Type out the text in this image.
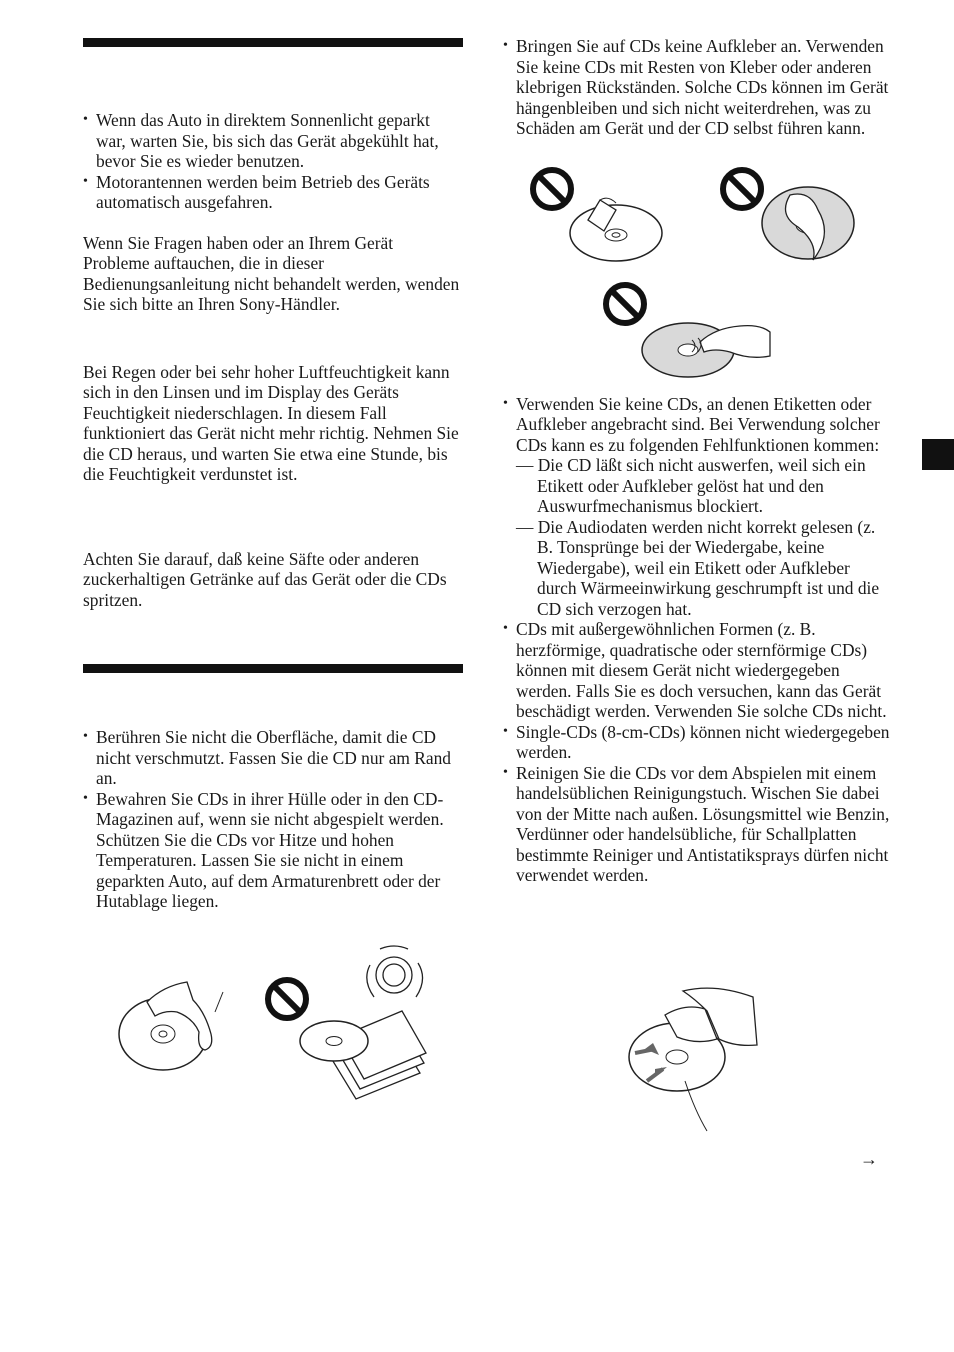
• Wenn das Auto in direktem Sonnenlicht geparkt war, warten Sie, bis sich das Gerät abgekühlt hat, bevor Sie es wieder benutzen.
• Motorantennen werden beim Betrieb des Geräts automatisch ausgefahren.

Wenn Sie Fragen haben oder an Ihrem Gerät Probleme auftauchen, die in dieser Bedienungsanleitung nicht behandelt werden, wenden Sie sich bitte an Ihren Sony-Händler.

Bei Regen oder bei sehr hoher Luftfeuchtigkeit kann sich in den Linsen und im Display des Geräts Feuchtigkeit niederschlagen. In diesem Fall funktioniert das Gerät nicht mehr richtig. Nehmen Sie die CD heraus, und warten Sie etwa eine Stunde, bis die Feuchtigkeit verdunstet ist.

Achten Sie darauf, daß keine Säfte oder anderen zuckerhaltigen Getränke auf das Gerät oder die CDs spritzen.

• Berühren Sie nicht die Oberfläche, damit die CD nicht verschmutzt. Fassen Sie die CD nur am Rand an.
• Bewahren Sie CDs in ihrer Hülle oder in den CD-Magazinen auf, wenn sie nicht abgespielt werden. Schützen Sie die CDs vor Hitze und hohen Temperaturen. Lassen Sie sie nicht in einem geparkten Auto, auf dem Armaturenbrett oder der Hutablage liegen.
• Bringen Sie auf CDs keine Aufkleber an. Verwenden Sie keine CDs mit Resten von Kleber oder anderen klebrigen Rückständen. Solche CDs können im Gerät hängenbleiben und sich nicht weiterdrehen, was zu Schäden am Gerät und der CD selbst führen kann.
• Verwenden Sie keine CDs, an denen Etiketten oder Aufkleber angebracht sind. Bei Verwendung solcher CDs kann es zu folgenden Fehlfunktionen kommen:
— Die CD läßt sich nicht auswerfen, weil sich ein Etikett oder Aufkleber gelöst hat und den Auswurfmechanismus blockiert.
— Die Audiodaten werden nicht korrekt gelesen (z. B. Tonsprünge bei der Wiedergabe, keine Wiedergabe), weil ein Etikett oder Aufkleber durch Wärmeeinwirkung geschrumpft ist und die CD sich verzogen hat.
• CDs mit außergewöhnlichen Formen (z. B. herzförmige, quadratische oder sternförmige CDs) können mit diesem Gerät nicht wiedergegeben werden. Falls Sie es doch versuchen, kann das Gerät beschädigt werden. Verwenden Sie solche CDs nicht.
• Single-CDs (8-cm-CDs) können nicht wiedergegeben werden.
• Reinigen Sie die CDs vor dem Abspielen mit einem handelsüblichen Reinigungstuch. Wischen Sie dabei von der Mitte nach außen. Lösungsmittel wie Benzin, Verdünner oder handelsübliche, für Schallplatten bestimmte Reiniger und Antistatiksprays dürfen nicht verwendet werden.
→
